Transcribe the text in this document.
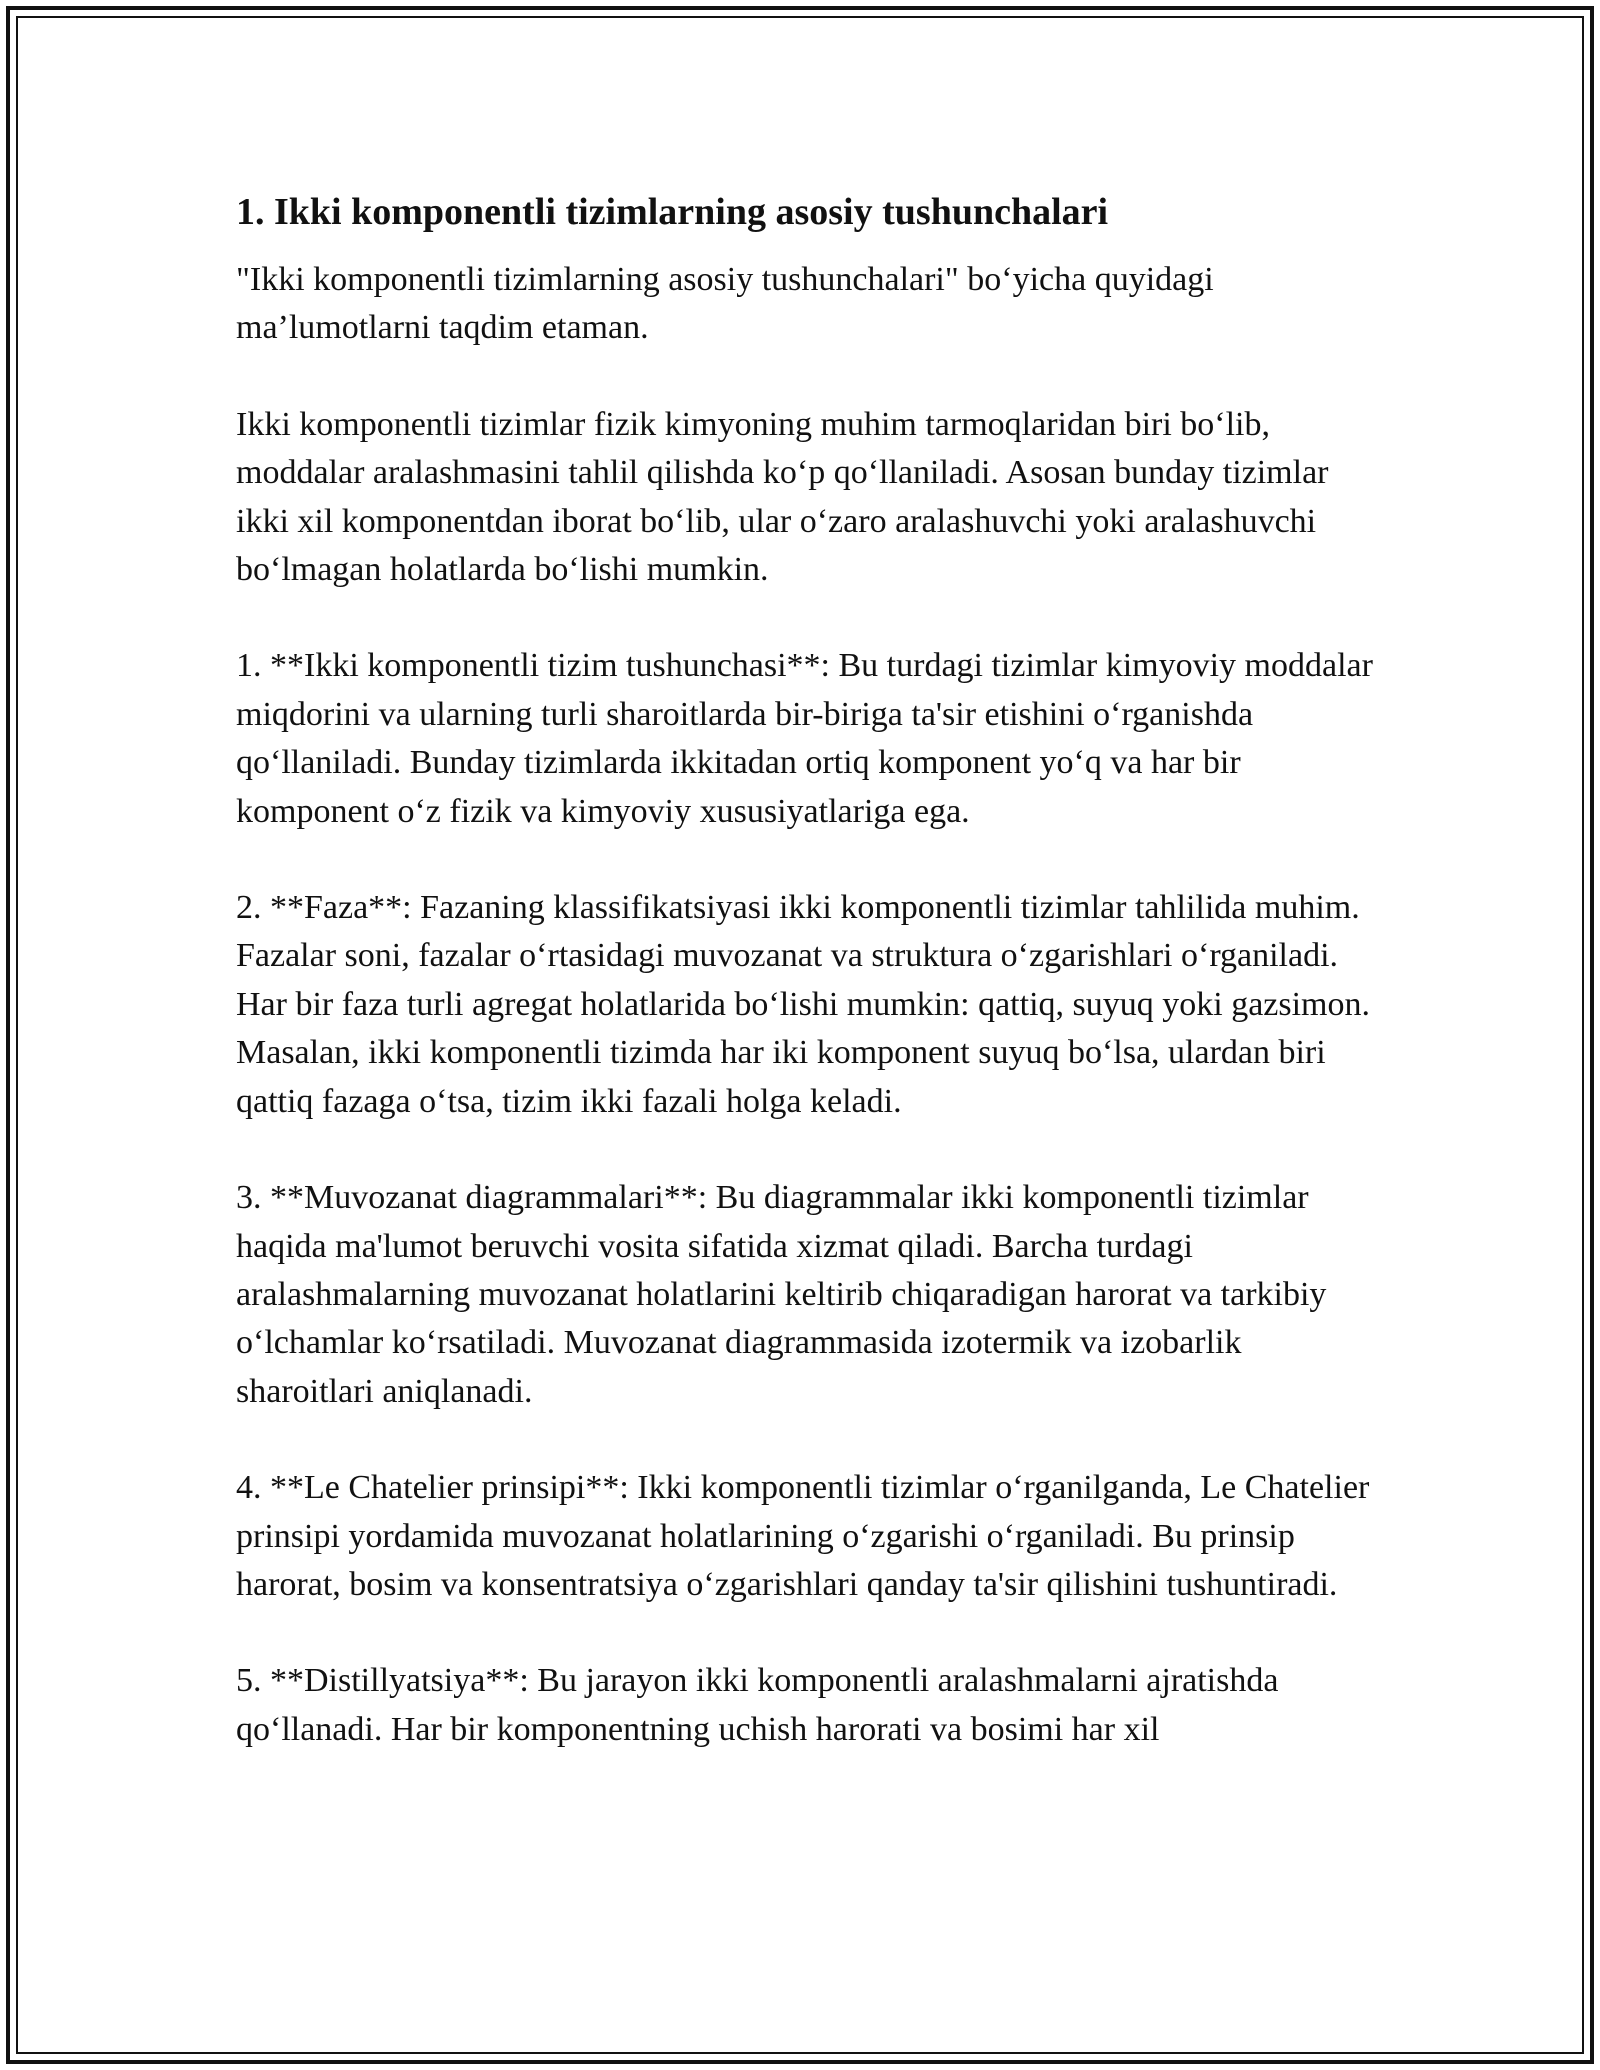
1. Ikki komponentli tizimlarning asosiy tushunchalari

"Ikki komponentli tizimlarning asosiy tushunchalari" bo‘yicha quyidagi ma’lumotlarni taqdim etaman.

Ikki komponentli tizimlar fizik kimyoning muhim tarmoqlaridan biri bo‘lib, moddalar aralashmasini tahlil qilishda ko‘p qo‘llaniladi. Asosan bunday tizimlar ikki xil komponentdan iborat bo‘lib, ular o‘zaro aralashuvchi yoki aralashuvchi bo‘lmagan holatlarda bo‘lishi mumkin.

1. **Ikki komponentli tizim tushunchasi**: Bu turdagi tizimlar kimyoviy moddalar miqdorini va ularning turli sharoitlarda bir-biriga ta'sir etishini o‘rganishda qo‘llaniladi. Bunday tizimlarda ikkitadan ortiq komponent yo‘q va har bir komponent o‘z fizik va kimyoviy xususiyatlariga ega.

2. **Faza**: Fazaning klassifikatsiyasi ikki komponentli tizimlar tahlilida muhim. Fazalar soni, fazalar o‘rtasidagi muvozanat va struktura o‘zgarishlari o‘rganiladi. Har bir faza turli agregat holatlarida bo‘lishi mumkin: qattiq, suyuq yoki gazsimon. Masalan, ikki komponentli tizimda har iki komponent suyuq bo‘lsa, ulardan biri qattiq fazaga o‘tsa, tizim ikki fazali holga keladi.

3. **Muvozanat diagrammalari**: Bu diagrammalar ikki komponentli tizimlar haqida ma'lumot beruvchi vosita sifatida xizmat qiladi. Barcha turdagi aralashmalarning muvozanat holatlarini keltirib chiqaradigan harorat va tarkibiy o‘lchamlar ko‘rsatiladi. Muvozanat diagrammasida izotermik va izobarlik sharoitlari aniqlanadi.

4. **Le Chatelier prinsipi**: Ikki komponentli tizimlar o‘rganilganda, Le Chatelier prinsipi yordamida muvozanat holatlarining o‘zgarishi o‘rganiladi. Bu prinsip harorat, bosim va konsentratsiya o‘zgarishlari qanday ta'sir qilishini tushuntiradi.

5. **Distillyatsiya**: Bu jarayon ikki komponentli aralashmalarni ajratishda qo‘llanadi. Har bir komponentning uchish harorati va bosimi har xil
